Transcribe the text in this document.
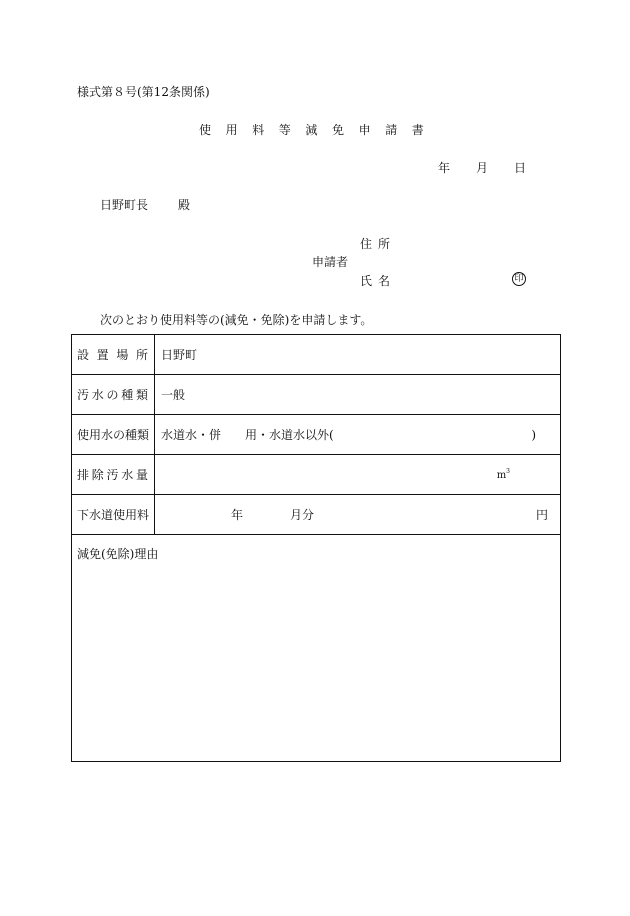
様式第８号(第12条関係)
使用料等減免申請書
年 月 日
日野町長	殿
住所
申請者
氏名	印
次のとおり使用料等の(減免・免除)を申請します。
設 置 場 所	日野町
汚 水 の 種 類	一般
使用水の種類 水道水・併　　用・水道水以外(	)
排 除 汚 水 量	$m^3$
下水道使用料	年	月分	円
減免(免除)理由
